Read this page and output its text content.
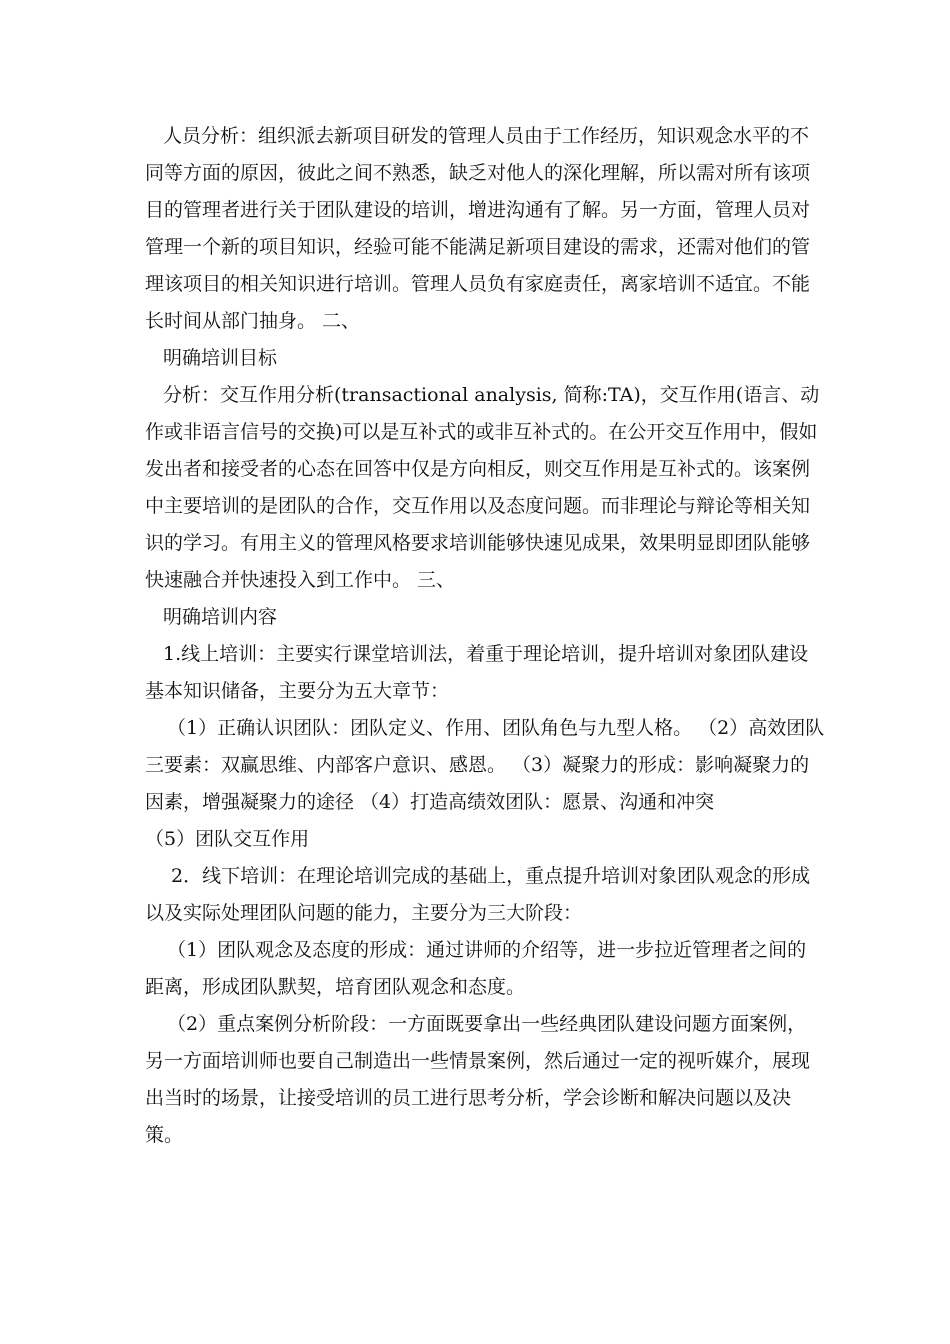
人员分析：组织派去新项目研发的管理人员由于工作经历，知识观念水平的不同等方面的原因，彼此之间不熟悉，缺乏对他人的深化理解，所以需对所有该项目的管理者进行关于团队建设的培训，增进沟通有了解。另一方面，管理人员对管理一个新的项目知识，经验可能不能满足新项目建设的需求，还需对他们的管理该项目的相关知识进行培训。管理人员负有家庭责任，离家培训不适宜。不能长时间从部门抽身。 二、

明确培训目标

分析：交互作用分析(transactional analysis, 简称:TA)，交互作用(语言、动作或非语言信号的交换)可以是互补式的或非互补式的。在公开交互作用中，假如发出者和接受者的心态在回答中仅是方向相反，则交互作用是互补式的。该案例中主要培训的是团队的合作，交互作用以及态度问题。而非理论与辩论等相关知识的学习。有用主义的管理风格要求培训能够快速见成果，效果明显即团队能够快速融合并快速投入到工作中。 三、

明确培训内容

1.线上培训：主要实行课堂培训法，着重于理论培训，提升培训对象团队建设基本知识储备，主要分为五大章节：

（1）正确认识团队：团队定义、作用、团队角色与九型人格。 （2）高效团队三要素：双赢思维、内部客户意识、感恩。 （3）凝聚力的形成：影响凝聚力的因素，增强凝聚力的途径 （4）打造高绩效团队：愿景、沟通和冲突

（5）团队交互作用

2．线下培训：在理论培训完成的基础上，重点提升培训对象团队观念的形成以及实际处理团队问题的能力，主要分为三大阶段：

（1）团队观念及态度的形成：通过讲师的介绍等，进一步拉近管理者之间的距离，形成团队默契，培育团队观念和态度。

（2）重点案例分析阶段：一方面既要拿出一些经典团队建设问题方面案例，另一方面培训师也要自己制造出一些情景案例，然后通过一定的视听媒介，展现出当时的场景，让接受培训的员工进行思考分析，学会诊断和解决问题以及决策。
